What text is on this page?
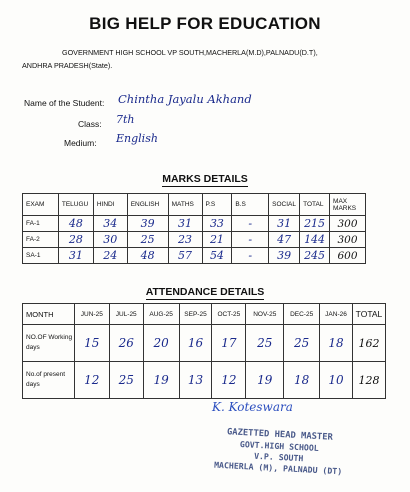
BIG HELP FOR EDUCATION
GOVERNMENT HIGH SCHOOL VP SOUTH,MACHERLA(M.D),PALNADU(D.T),
ANDHRA PRADESH(State).
Name of the Student: Chintha Jayalu Akhand
Class: 7th
Medium: English
MARKS DETAILS
EXAM	TELUGU	HINDI	ENGLISH	MATHS	P.S	B.S	SOCIAL	TOTAL	MAX MARKS
FA-1	48	34	39	31	33	-	31	215	300
FA-2	28	30	25	23	21	-	47	144	300
SA-1	31	24	48	57	54	-	39	245	600
ATTENDANCE DETAILS
MONTH	JUN-25	JUL-25	AUG-25	SEP-25	OCT-25	NOV-25	DEC-25	JAN-26	TOTAL
NO.OF Working days	15	26	20	16	17	25	25	18	162
No.of present days	12	25	19	13	12	19	18	10	128
K. Koteswara
GAZETTED HEAD MASTER
GOVT.HIGH SCHOOL
V.P. SOUTH
MACHERLA (M), PALNADU (DT)
